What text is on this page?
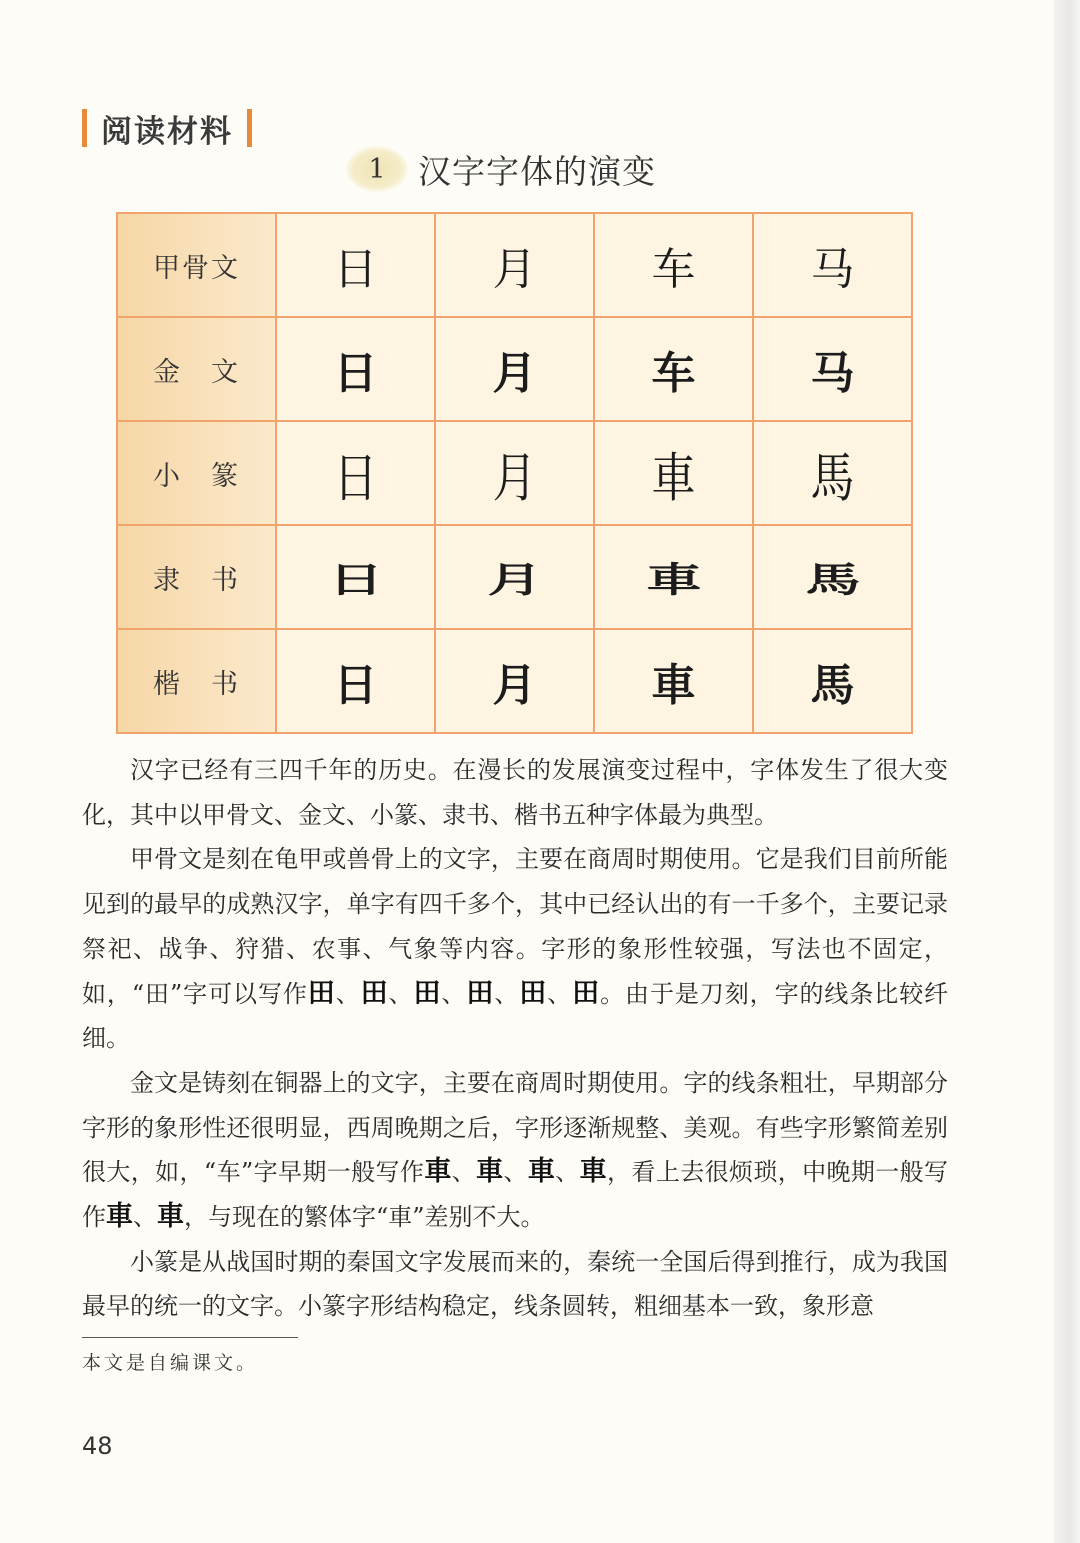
阅读材料
1 汉字字体的演变
甲骨文	日	月	车	马
金　文	日	月	车	马
小　篆	日	月	車	馬
隶　书	日	月	車	馬
楷　书	日	月	車	馬

汉字已经有三四千年的历史。在漫长的发展演变过程中，字体发生了很大变化，其中以甲骨文、金文、小篆、隶书、楷书五种字体最为典型。

甲骨文是刻在龟甲或兽骨上的文字，主要在商周时期使用。它是我们目前所能见到的最早的成熟汉字，单字有四千多个，其中已经认出的有一千多个，主要记录祭祀、战争、狩猎、农事、气象等内容。字形的象形性较强，写法也不固定，如，“田”字可以写作田、田、田、田、田、田。由于是刀刻，字的线条比较纤细。

金文是铸刻在铜器上的文字，主要在商周时期使用。字的线条粗壮，早期部分字形的象形性还很明显，西周晚期之后，字形逐渐规整、美观。有些字形繁简差别很大，如，“车”字早期一般写作車、車、車、車，看上去很烦琐，中晚期一般写作車、車，与现在的繁体字“車”差别不大。

小篆是从战国时期的秦国文字发展而来的，秦统一全国后得到推行，成为我国最早的统一的文字。小篆字形结构稳定，线条圆转，粗细基本一致，象形意

本文是自编课文。
48
